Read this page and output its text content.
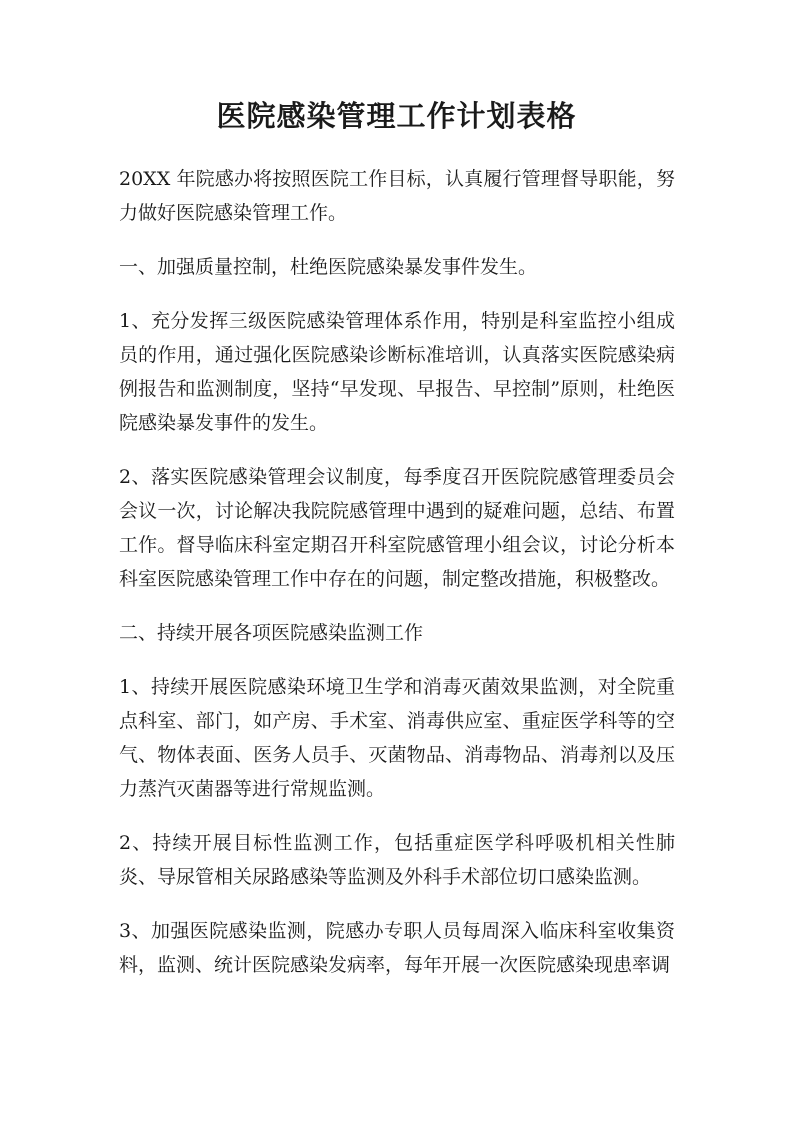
医院感染管理工作计划表格

20XX 年院感办将按照医院工作目标，认真履行管理督导职能，努力做好医院感染管理工作。

一、加强质量控制，杜绝医院感染暴发事件发生。

1、充分发挥三级医院感染管理体系作用，特别是科室监控小组成员的作用，通过强化医院感染诊断标准培训，认真落实医院感染病例报告和监测制度，坚持“早发现、早报告、早控制”原则，杜绝医院感染暴发事件的发生。

2、落实医院感染管理会议制度，每季度召开医院院感管理委员会会议一次，讨论解决我院院感管理中遇到的疑难问题，总结、布置工作。督导临床科室定期召开科室院感管理小组会议，讨论分析本科室医院感染管理工作中存在的问题，制定整改措施，积极整改。

二、持续开展各项医院感染监测工作

1、持续开展医院感染环境卫生学和消毒灭菌效果监测，对全院重点科室、部门，如产房、手术室、消毒供应室、重症医学科等的空气、物体表面、医务人员手、灭菌物品、消毒物品、消毒剂以及压力蒸汽灭菌器等进行常规监测。

2、持续开展目标性监测工作，包括重症医学科呼吸机相关性肺炎、导尿管相关尿路感染等监测及外科手术部位切口感染监测。

3、加强医院感染监测，院感办专职人员每周深入临床科室收集资料，监测、统计医院感染发病率，每年开展一次医院感染现患率调
